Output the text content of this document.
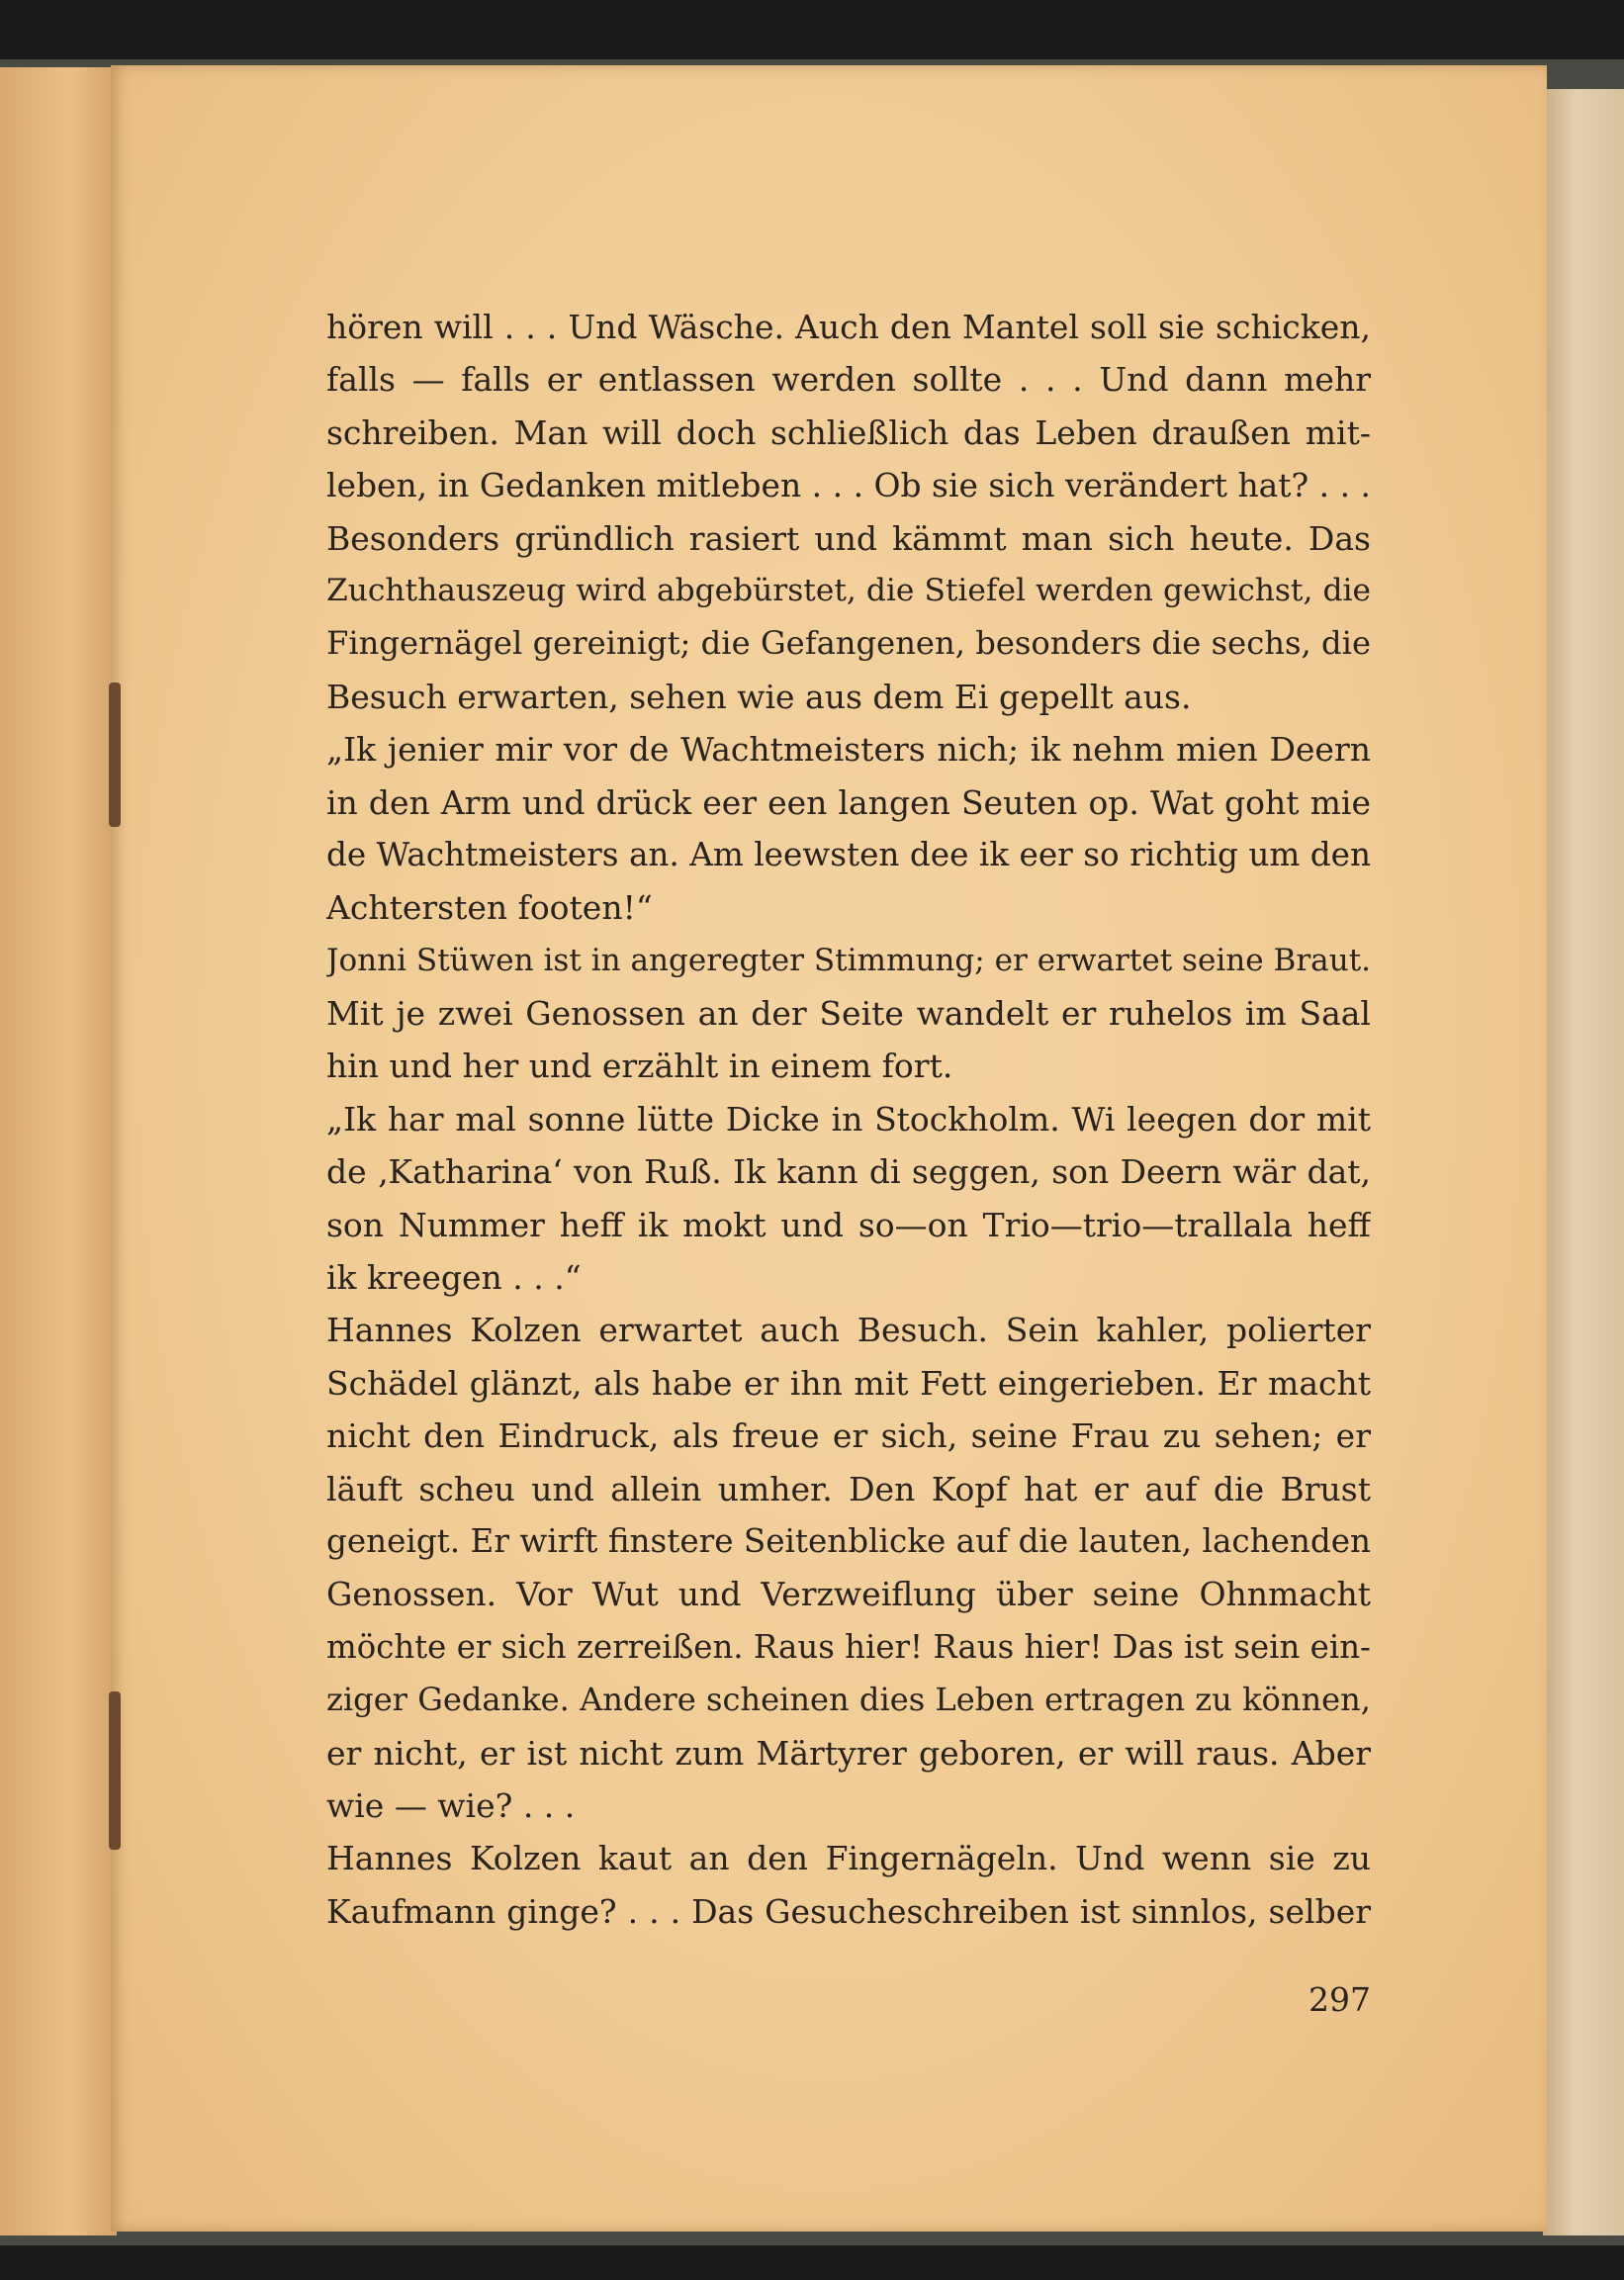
hören will . . . Und Wäsche. Auch den Mantel soll sie schicken,
falls — falls er entlassen werden sollte . . . Und dann mehr
schreiben. Man will doch schließlich das Leben draußen mit-
leben, in Gedanken mitleben . . . Ob sie sich verändert hat? . . .
Besonders gründlich rasiert und kämmt man sich heute. Das
Zuchthauszeug wird abgebürstet, die Stiefel werden gewichst, die
Fingernägel gereinigt; die Gefangenen, besonders die sechs, die
Besuch erwarten, sehen wie aus dem Ei gepellt aus.
„Ik jenier mir vor de Wachtmeisters nich; ik nehm mien Deern
in den Arm und drück eer een langen Seuten op. Wat goht mie
de Wachtmeisters an. Am leewsten dee ik eer so richtig um den
Achtersten footen!“
Jonni Stüwen ist in angeregter Stimmung; er erwartet seine Braut.
Mit je zwei Genossen an der Seite wandelt er ruhelos im Saal
hin und her und erzählt in einem fort.
„Ik har mal sonne lütte Dicke in Stockholm. Wi leegen dor mit
de ‚Katharina‘ von Ruß. Ik kann di seggen, son Deern wär dat,
son Nummer heff ik mokt und so—on Trio—trio—trallala heff
ik kreegen . . .“
Hannes Kolzen erwartet auch Besuch. Sein kahler, polierter
Schädel glänzt, als habe er ihn mit Fett eingerieben. Er macht
nicht den Eindruck, als freue er sich, seine Frau zu sehen; er
läuft scheu und allein umher. Den Kopf hat er auf die Brust
geneigt. Er wirft finstere Seitenblicke auf die lauten, lachenden
Genossen. Vor Wut und Verzweiflung über seine Ohnmacht
möchte er sich zerreißen. Raus hier! Raus hier! Das ist sein ein-
ziger Gedanke. Andere scheinen dies Leben ertragen zu können,
er nicht, er ist nicht zum Märtyrer geboren, er will raus. Aber
wie — wie? . . .
Hannes Kolzen kaut an den Fingernägeln. Und wenn sie zu
Kaufmann ginge? . . . Das Gesucheschreiben ist sinnlos, selber
297
